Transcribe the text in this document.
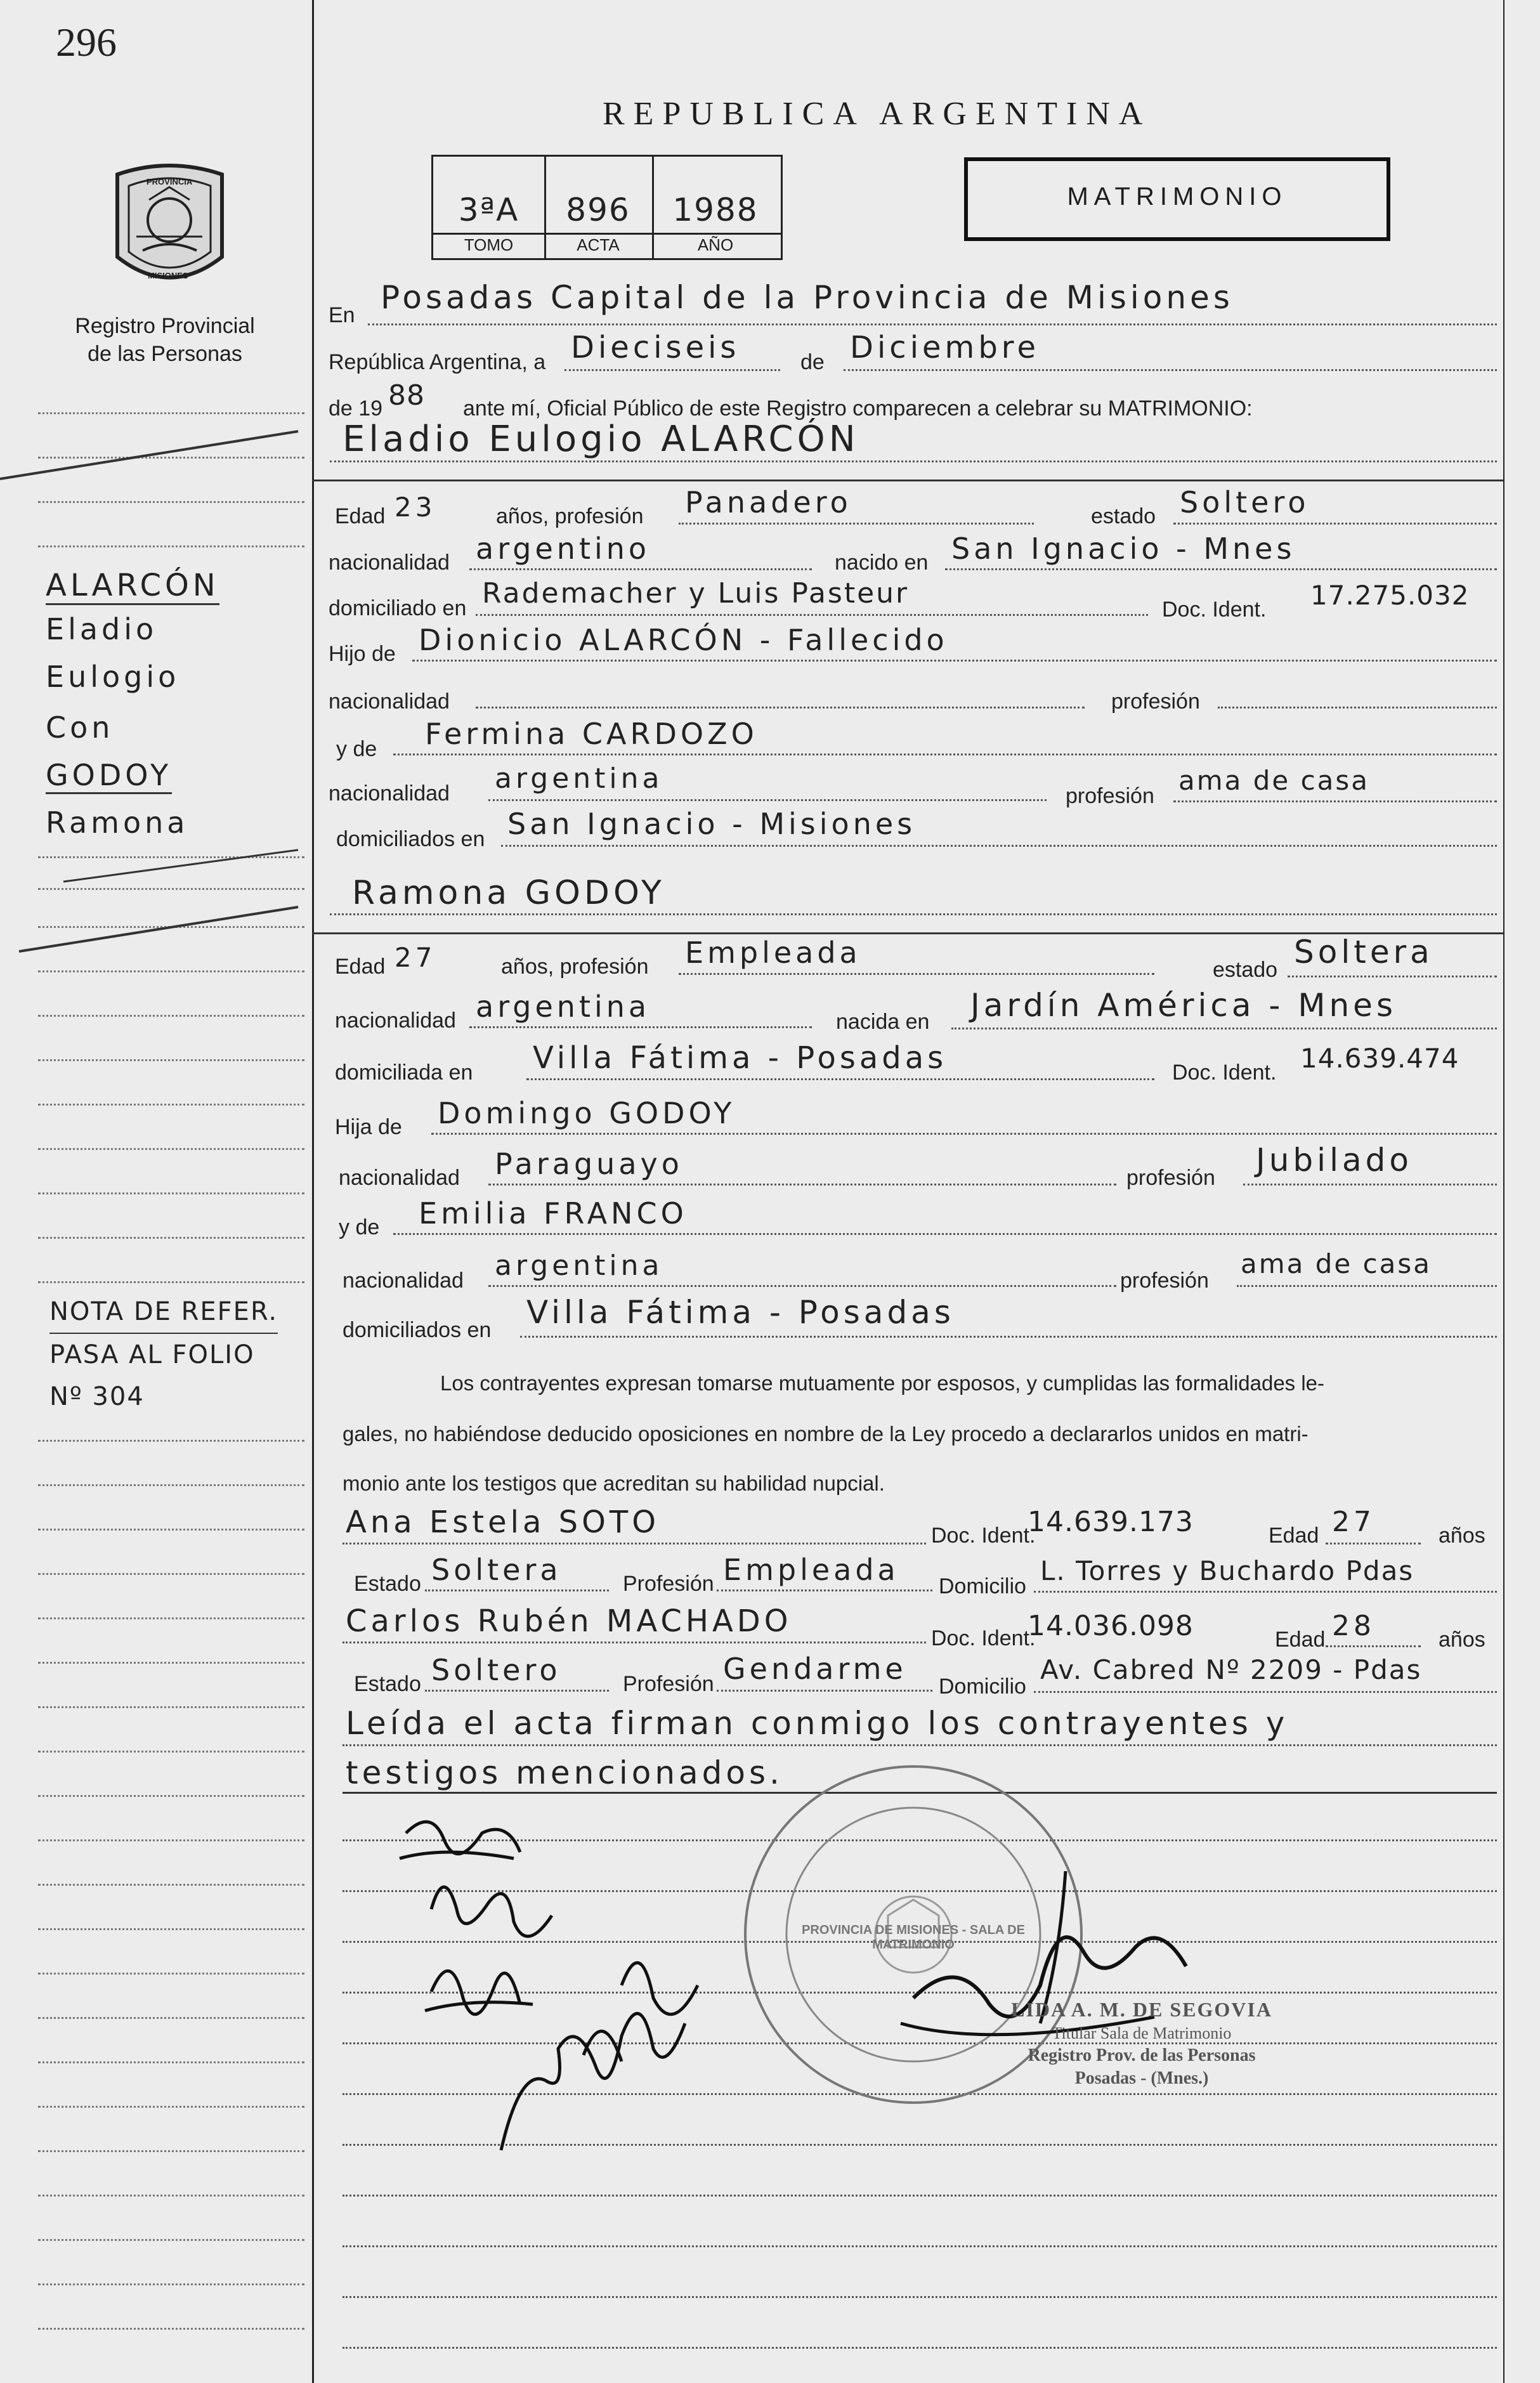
296
REPUBLICA ARGENTINA
PROVINCIA
MISIONES
Registro Provincial
de las Personas
3ªA	896	1988
TOMO	ACTA	AÑO
MATRIMONIO
ALARCÓN
Eladio
Eulogio
Con
GODOY
Ramona
NOTA DE REFER.
PASA AL FOLIO
Nº 304
En Posadas Capital de la Provincia de Misiones
República Argentina, a Dieciseis	de Diciembre
de 19 88 ante mí, Oficial Público de este Registro comparecen a celebrar su MATRIMONIO:
Eladio Eulogio ALARCÓN
Edad 23	años, profesión Panadero	estado Soltero
nacionalidad argentino	nacido en San Ignacio - Mnes
domiciliado en Rademacher y Luis Pasteur	Doc. Ident. 17.275.032
Hijo de Dionicio ALARCÓN - Fallecido
nacionalidad	profesión
y de Fermina CARDOZO
nacionalidad argentina
profesión ama de casa
domiciliados en San Ignacio - Misiones
Ramona GODOY
Edad 27	años, profesión Empleada	estado Soltera
nacionalidad argentina	nacida en Jardín América - Mnes
domiciliada en Villa Fátima - Posadas	Doc. Ident. 14.639.474
Hija de Domingo GODOY
nacionalidad Paraguayo	profesión Jubilado
y de Emilia FRANCO
nacionalidad argentina	profesión
ama de casa
domiciliados en Villa Fátima - Posadas
Los contrayentes expresan tomarse mutuamente por esposos, y cumplidas las formalidades le-
gales, no habiéndose deducido oposiciones en nombre de la Ley procedo a declararlos unidos en matri-
monio ante los testigos que acreditan su habilidad nupcial.
Ana Estela SOTO	Doc. Ident.
14.639.173	Edad 27	años
Estado Soltera	Profesión Empleada Domicilio L. Torres y Buchardo Pdas
Carlos Rubén MACHADO	Doc. Ident.
14.036.098	Edad 28	años
Estado Soltero	Profesión Gendarme
Domicilio
Av. Cabred Nº 2209 - Pdas
Leída el acta firman conmigo los contrayentes y
testigos mencionados.
PROVINCIA DE MISIONES - SALA DE MATRIMONIO
LIDA A. M. DE SEGOVIA
Titular Sala de Matrimonio
Registro Prov. de las Personas
Posadas - (Mnes.)
